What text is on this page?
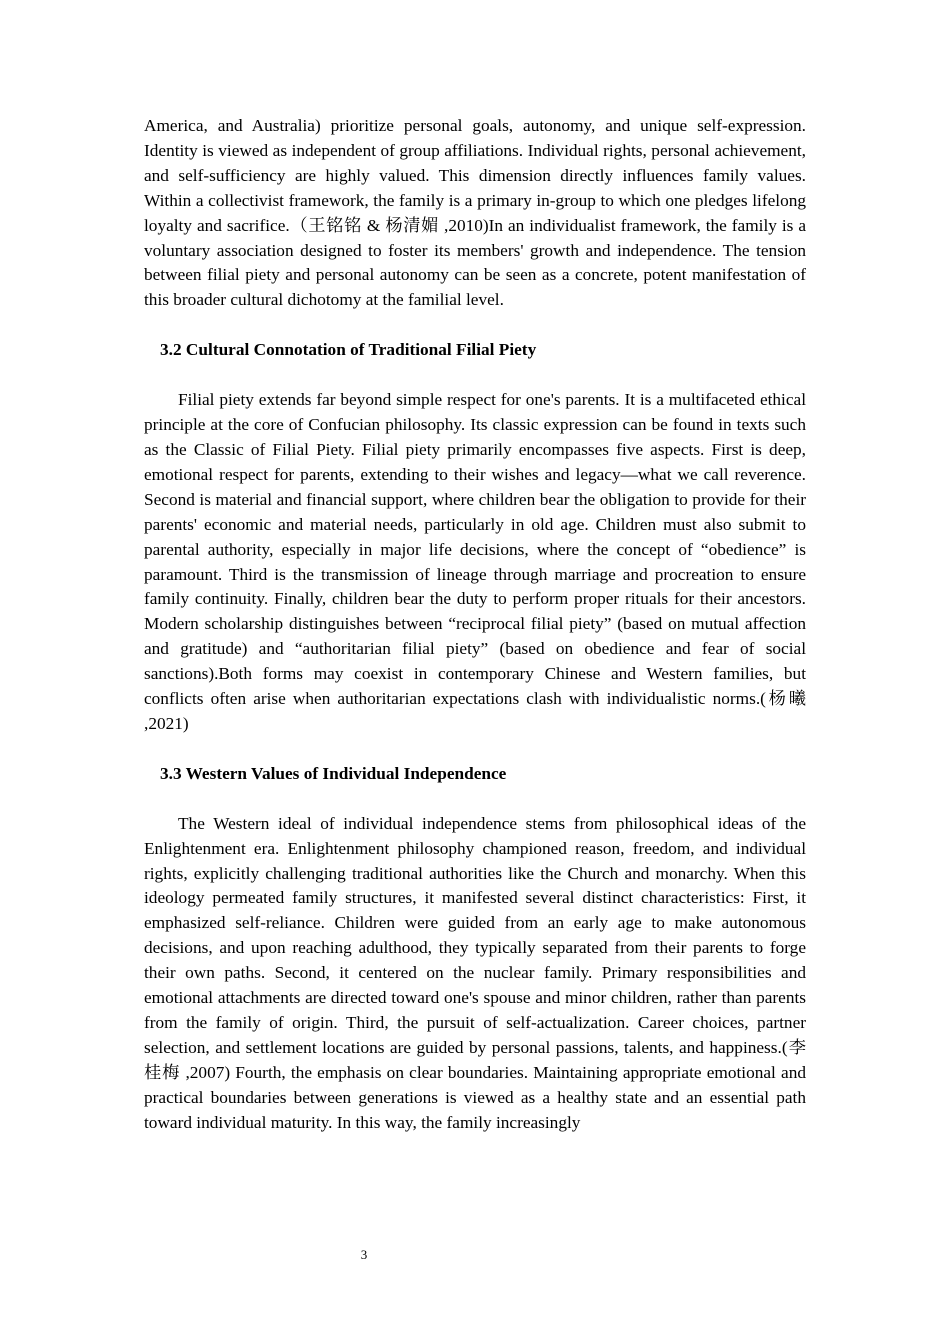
America, and Australia) prioritize personal goals, autonomy, and unique self-expression. Identity is viewed as independent of group affiliations. Individual rights, personal achievement, and self-sufficiency are highly valued. This dimension directly influences family values. Within a collectivist framework, the family is a primary in-group to which one pledges lifelong loyalty and sacrifice.（王铭铭 & 杨清媚 ,2010)In an individualist framework, the family is a voluntary association designed to foster its members' growth and independence. The tension between filial piety and personal autonomy can be seen as a concrete, potent manifestation of this broader cultural dichotomy at the familial level.

3.2 Cultural Connotation of Traditional Filial Piety

Filial piety extends far beyond simple respect for one's parents. It is a multifaceted ethical principle at the core of Confucian philosophy. Its classic expression can be found in texts such as the Classic of Filial Piety. Filial piety primarily encompasses five aspects. First is deep, emotional respect for parents, extending to their wishes and legacy—what we call reverence. Second is material and financial support, where children bear the obligation to provide for their parents' economic and material needs, particularly in old age. Children must also submit to parental authority, especially in major life decisions, where the concept of “obedience” is paramount. Third is the transmission of lineage through marriage and procreation to ensure family continuity. Finally, children bear the duty to perform proper rituals for their ancestors. Modern scholarship distinguishes between “reciprocal filial piety” (based on mutual affection and gratitude) and “authoritarian filial piety” (based on obedience and fear of social sanctions).Both forms may coexist in contemporary Chinese and Western families, but conflicts often arise when authoritarian expectations clash with individualistic norms.(杨曦 ,2021)

3.3 Western Values of Individual Independence

The Western ideal of individual independence stems from philosophical ideas of the Enlightenment era. Enlightenment philosophy championed reason, freedom, and individual rights, explicitly challenging traditional authorities like the Church and monarchy. When this ideology permeated family structures, it manifested several distinct characteristics: First, it emphasized self-reliance. Children were guided from an early age to make autonomous decisions, and upon reaching adulthood, they typically separated from their parents to forge their own paths. Second, it centered on the nuclear family. Primary responsibilities and emotional attachments are directed toward one's spouse and minor children, rather than parents from the family of origin. Third, the pursuit of self-actualization. Career choices, partner selection, and settlement locations are guided by personal passions, talents, and happiness.(李桂梅 ,2007) Fourth, the emphasis on clear boundaries. Maintaining appropriate emotional and practical boundaries between generations is viewed as a healthy state and an essential path toward individual maturity. In this way, the family increasingly

3
